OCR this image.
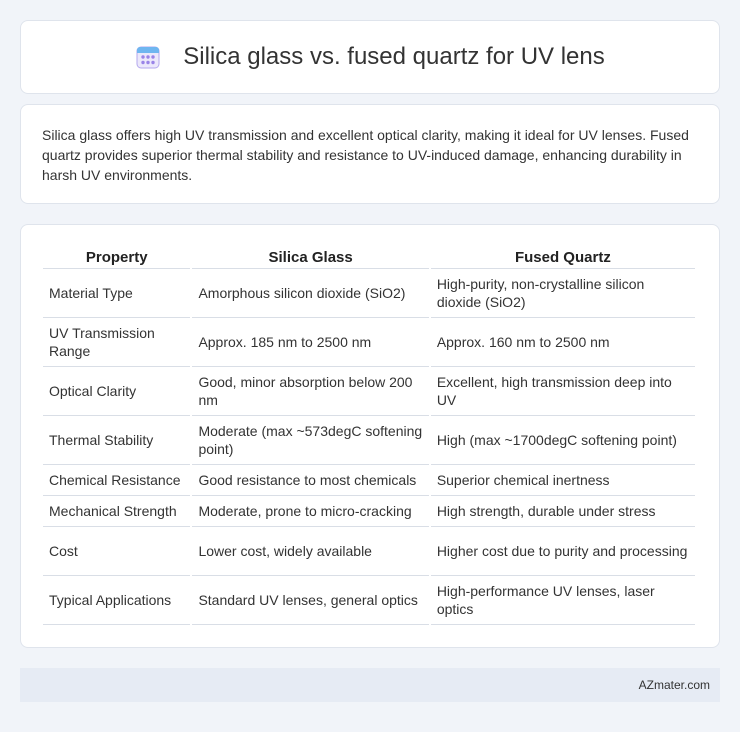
Silica glass vs. fused quartz for UV lens

Silica glass offers high UV transmission and excellent optical clarity, making it ideal for UV lenses. Fused quartz provides superior thermal stability and resistance to UV-induced damage, enhancing durability in harsh UV environments.

Property	Silica Glass	Fused Quartz
Material Type	Amorphous silicon dioxide (SiO2)	High-purity, non-crystalline silicon dioxide (SiO2)
UV Transmission Range	Approx. 185 nm to 2500 nm	Approx. 160 nm to 2500 nm
Optical Clarity	Good, minor absorption below 200 nm	Excellent, high transmission deep into UV
Thermal Stability	Moderate (max ~573degC softening point)	High (max ~1700degC softening point)
Chemical Resistance	Good resistance to most chemicals	Superior chemical inertness
Mechanical Strength	Moderate, prone to micro-cracking	High strength, durable under stress
Cost	Lower cost, widely available	Higher cost due to purity and processing
Typical Applications	Standard UV lenses, general optics	High-performance UV lenses, laser optics
AZmater.com
